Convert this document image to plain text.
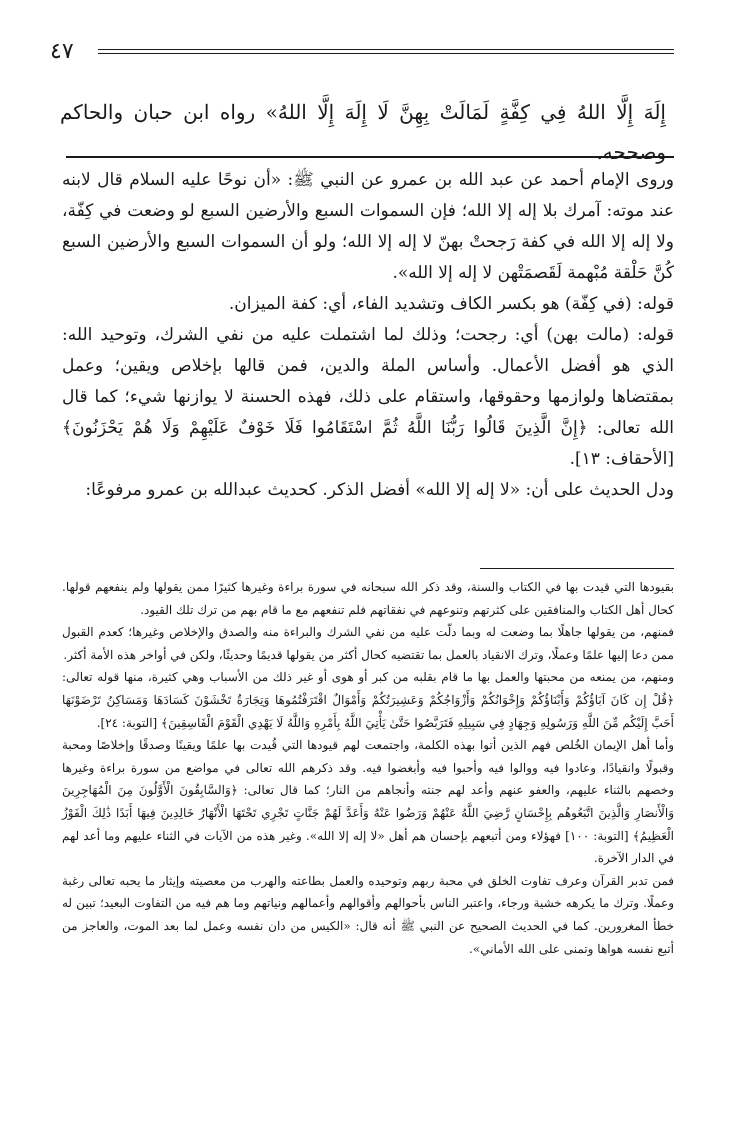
٤٧
إِلَهَ إِلَّا اللهُ فِي كِفَّةٍ لَمَالَتْ بِهِنَّ لَا إِلَهَ إِلَّا اللهُ» رواه ابن حبان والحاكم وصححه.

وروى الإمام أحمد عن عبد الله بن عمرو عن النبي ﷺ: «أن نوحًا عليه السلام قال لابنه عند موته: آمرك بلا إله إلا الله؛ فإن السموات السبع والأرضين السبع لو وضعت في كِفّة، ولا إله إلا الله في كفة رَجحتْ بهنّ لا إله إلا الله؛ ولو أن السموات السبع والأرضين السبع كُنَّ حَلْقة مُبْهمة لَقَصمَتْهن لا إله إلا الله».

قوله: (في كِفّة) هو بكسر الكاف وتشديد الفاء، أي: كفة الميزان.

قوله: (مالت بهن) أي: رجحت؛ وذلك لما اشتملت عليه من نفي الشرك، وتوحيد الله: الذي هو أفضل الأعمال. وأساس الملة والدين، فمن قالها بإخلاص ويقين؛ وعمل بمقتضاها ولوازمها وحقوقها، واستقام على ذلك، فهذه الحسنة لا يوازنها شيء؛ كما قال الله تعالى: ﴿إِنَّ الَّذِينَ قَالُوا رَبُّنَا اللَّهُ ثُمَّ اسْتَقَامُوا فَلَا خَوْفٌ عَلَيْهِمْ وَلَا هُمْ يَحْزَنُونَ﴾ [الأحقاف: ١٣].

ودل الحديث على أن: «لا إله إلا الله» أفضل الذكر. كحديث عبدالله بن عمرو مرفوعًا:

بقيودها التي قيدت بها في الكتاب والسنة، وقد ذكر الله سبحانه في سورة براءة وغيرها كثيرًا ممن يقولها ولم ينفعهم قولها. كحال أهل الكتاب والمنافقين على كثرتهم وتنوعهم في نفقاتهم فلم تنفعهم مع ما قام بهم من ترك تلك القيود.

فمنهم، من يقولها جاهلًا بما وضعت له وبما دلّت عليه من نفي الشرك والبراءة منه والصدق والإخلاص وغيرها؛ كعدم القبول ممن دعا إليها علمًا وعملًا، وترك الانقياد بالعمل بما تقتضيه كحال أكثر من يقولها قديمًا وحديثًا، ولكن في أواخر هذه الأمة أكثر.

ومنهم، من يمنعه من محبتها والعمل بها ما قام بقلبه من كبر أو هوى أو غير ذلك من الأسباب وهي كثيرة، منها قوله تعالى: ﴿قُلْ إِن كَانَ آبَاؤُكُمْ وَأَبْنَاؤُكُمْ وَإِخْوَانُكُمْ وَأَزْوَاجُكُمْ وَعَشِيرَتُكُمْ وَأَمْوَالٌ اقْتَرَفْتُمُوهَا وَتِجَارَةٌ تَخْشَوْنَ كَسَادَهَا وَمَسَاكِنُ تَرْضَوْنَهَا أَحَبَّ إِلَيْكُم مِّنَ اللَّهِ وَرَسُولِهِ وَجِهَادٍ فِي سَبِيلِهِ فَتَرَبَّصُوا حَتَّىٰ يَأْتِيَ اللَّهُ بِأَمْرِهِ وَاللَّهُ لَا يَهْدِي الْقَوْمَ الْفَاسِقِينَ﴾ [التوبة: ٢٤].

وأما أهل الإيمان الخُلص فهم الذين أتوا بهذه الكلمة، واجتمعت لهم قيودها التي قُيدت بها علمًا ويقينًا وصدقًا وإخلاصًا ومحبة وقبولًا وانقيادًا، وعادوا فيه ووالوا فيه وأحبوا فيه وأبغضوا فيه. وقد ذكرهم الله تعالى في مواضع من سورة براءة وغيرها وخصهم بالثناء عليهم، والعفو عنهم وأعد لهم جنته وأنجاهم من النار؛ كما قال تعالى: ﴿وَالسَّابِقُونَ الْأَوَّلُونَ مِنَ الْمُهَاجِرِينَ وَالْأَنصَارِ وَالَّذِينَ اتَّبَعُوهُم بِإِحْسَانٍ رَّضِيَ اللَّهُ عَنْهُمْ وَرَضُوا عَنْهُ وَأَعَدَّ لَهُمْ جَنَّاتٍ تَجْرِي تَحْتَهَا الْأَنْهَارُ خَالِدِينَ فِيهَا أَبَدًا ذَٰلِكَ الْفَوْزُ الْعَظِيمُ﴾ [التوبة: ١٠٠] فهؤلاء ومن أتبعهم بإحسان هم أهل «لا إله إلا الله». وغير هذه من الآيات في الثناء عليهم وما أعد لهم في الدار الآخرة.

فمن تدبر القرآن وعرف تفاوت الخلق في محبة ربهم وتوحيده والعمل بطاعته والهرب من معصيته وإيثار ما يحبه تعالى رغبة وعملًا. وترك ما يكرهه خشية ورجاء، واعتبر الناس بأحوالهم وأقوالهم وأعمالهم ونياتهم وما هم فيه من التفاوت البعيد؛ تبين له خطأ المغرورين. كما في الحديث الصحيح عن النبي ﷺ أنه قال: «الكيس من دان نفسه وعمل لما بعد الموت، والعاجز من أتبع نفسه هواها وتمنى على الله الأماني».
